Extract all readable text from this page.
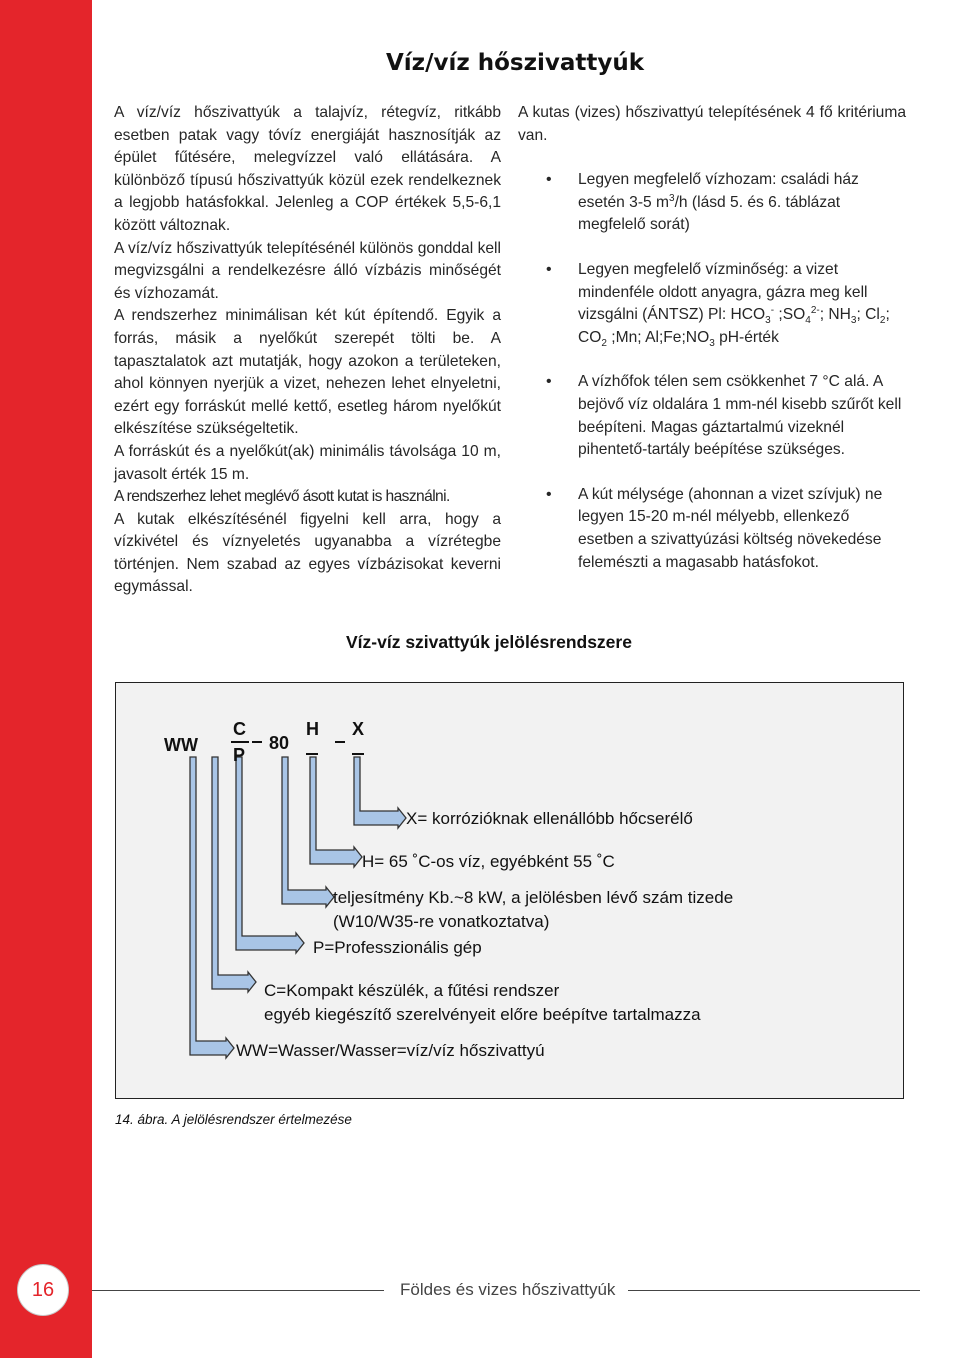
Víz/víz hőszivattyúk

A víz/víz hőszivattyúk a talajvíz, rétegvíz, ritkább esetben patak vagy tóvíz energiáját hasznosítják az épület fűtésére, melegvízzel való ellátására. A különböző típusú hőszivattyúk közül ezek rendelkeznek a legjobb hatásfokkal. Jelenleg a COP értékek 5,5-6,1 között változnak.

A víz/víz hőszivattyúk telepítésénél különös gonddal kell megvizsgálni a rendelkezésre álló vízbázis minőségét és vízhozamát.

A rendszerhez minimálisan két kút építendő. Egyik a forrás, másik a nyelőkút szerepét tölti be. A tapasztalatok azt mutatják, hogy azokon a területeken, ahol könnyen nyerjük a vizet, nehezen lehet elnyeletni, ezért egy forráskút mellé kettő, esetleg három nyelőkút elkészítése szükségeltetik.

A forráskút és a nyelőkút(ak) minimális távolsága 10 m, javasolt érték 15 m.

A rendszerhez lehet meglévő ásott kutat is használni.

A kutak elkészítésénél figyelni kell arra, hogy a vízkivétel és víznyeletés ugyanabba a vízrétegbe történjen. Nem szabad az egyes vízbázisokat keverni egymással.

A kutas (vizes) hőszivattyú telepítésének 4 fő kritériuma van.

• Legyen megfelelő vízhozam: családi ház esetén 3-5 $m^3/h$ (lásd 5. és 6. táblázat megfelelő sorát)
• Legyen megfelelő vízminőség: a vizet mindenféle oldott anyagra, gázra meg kell vizsgálni (ÁNTSZ) Pl: $HCO_3^-$ $;SO_4^{2-}$; $NH_3$; $Cl_2$; $CO_2$ ;Mn; $Al;Fe;NO_3$ pH-érték
• A vízhőfok télen sem csökkenhet 7 °C alá. A bejövő víz oldalára 1 mm-nél kisebb szűrőt kell beépíteni. Magas gáztartalmú vizeknél pihentető-tartály beépítése szükséges.
• A kút mélysége (ahonnan a vizet szívjuk) ne legyen 15-20 m-nél mélyebb, ellenkező esetben a szivattyúzási költség növekedése felemészti a magasabb hatásfokot.
Víz-víz szivattyúk jelölésrendszere
WW
C
P
80
H X
X= korrózióknak ellenállóbb hőcserélő
H= 65 ˚C-os víz, egyébként 55 ˚C
teljesítmény Kb.~8 kW, a jelölésben lévő szám tizede
(W10/W35-re vonatkoztatva)
P=Professzionális gép
C=Kompakt készülék, a fűtési rendszer
egyéb kiegészítő szerelvényeit előre beépítve tartalmazza
WW=Wasser/Wasser=víz/víz hőszivattyú
14. ábra. A jelölésrendszer értelmezése
16	Földes és vizes hőszivattyúk
